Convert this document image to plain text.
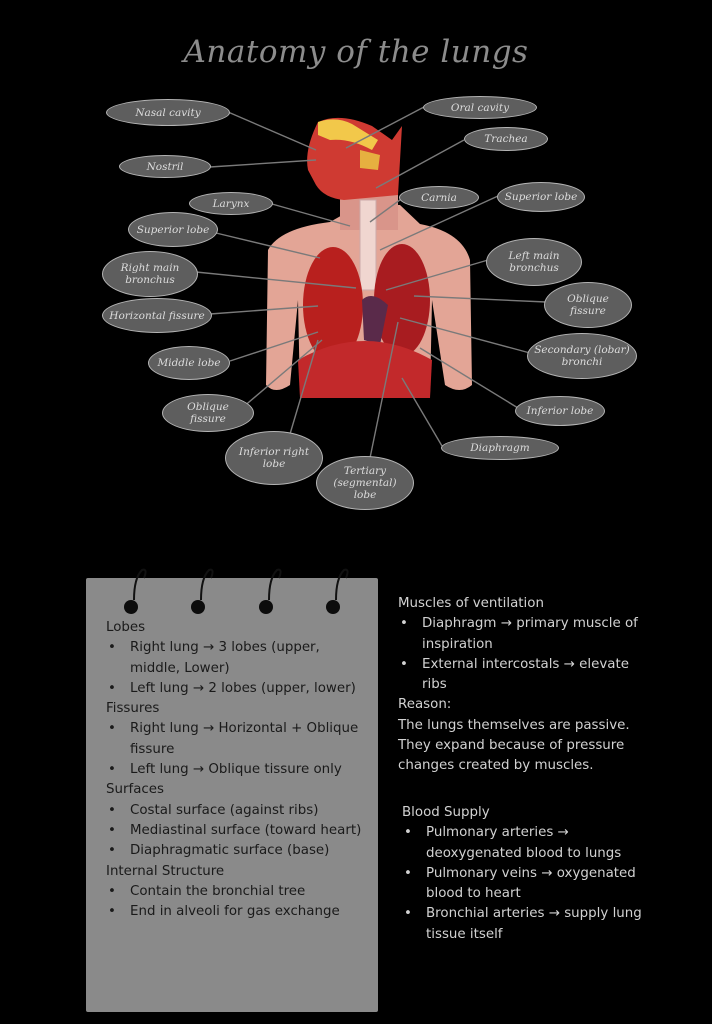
Anatomy of the lungs
Nasal cavity	Oral cavity
Trachea
Nostril
Carnia	Superior lobe
Larynx
Superior lobe
Right main bronchus
Left main bronchus
Horizontal fissure
Oblique fissure
Middle lobe
Secondary (lobar) bronchi
Oblique fissure
Inferior lobe
Inferior right lobe
Diaphragm
Tertiary (segmental) lobe
Lobes
• Right lung → 3 lobes (upper, middle, Lower)
• Left lung → 2 lobes (upper, lower)
Fissures
• Right lung → Horizontal + Oblique fissure
• Left lung → Oblique tissure only
Surfaces
• Costal surface (against ribs)
• Mediastinal surface (toward heart)
• Diaphragmatic surface (base)
Internal Structure
• Contain the bronchial tree
• End in alveoli for gas exchange
Muscles of ventilation
• Diaphragm → primary muscle of inspiration
• External intercostals → elevate ribs
Reason:
The lungs themselves are passive. They expand because of pressure changes created by muscles.
Blood Supply
• Pulmonary arteries → deoxygenated blood to lungs
• Pulmonary veins → oxygenated blood to heart
• Bronchial arteries → supply lung tissue itself
